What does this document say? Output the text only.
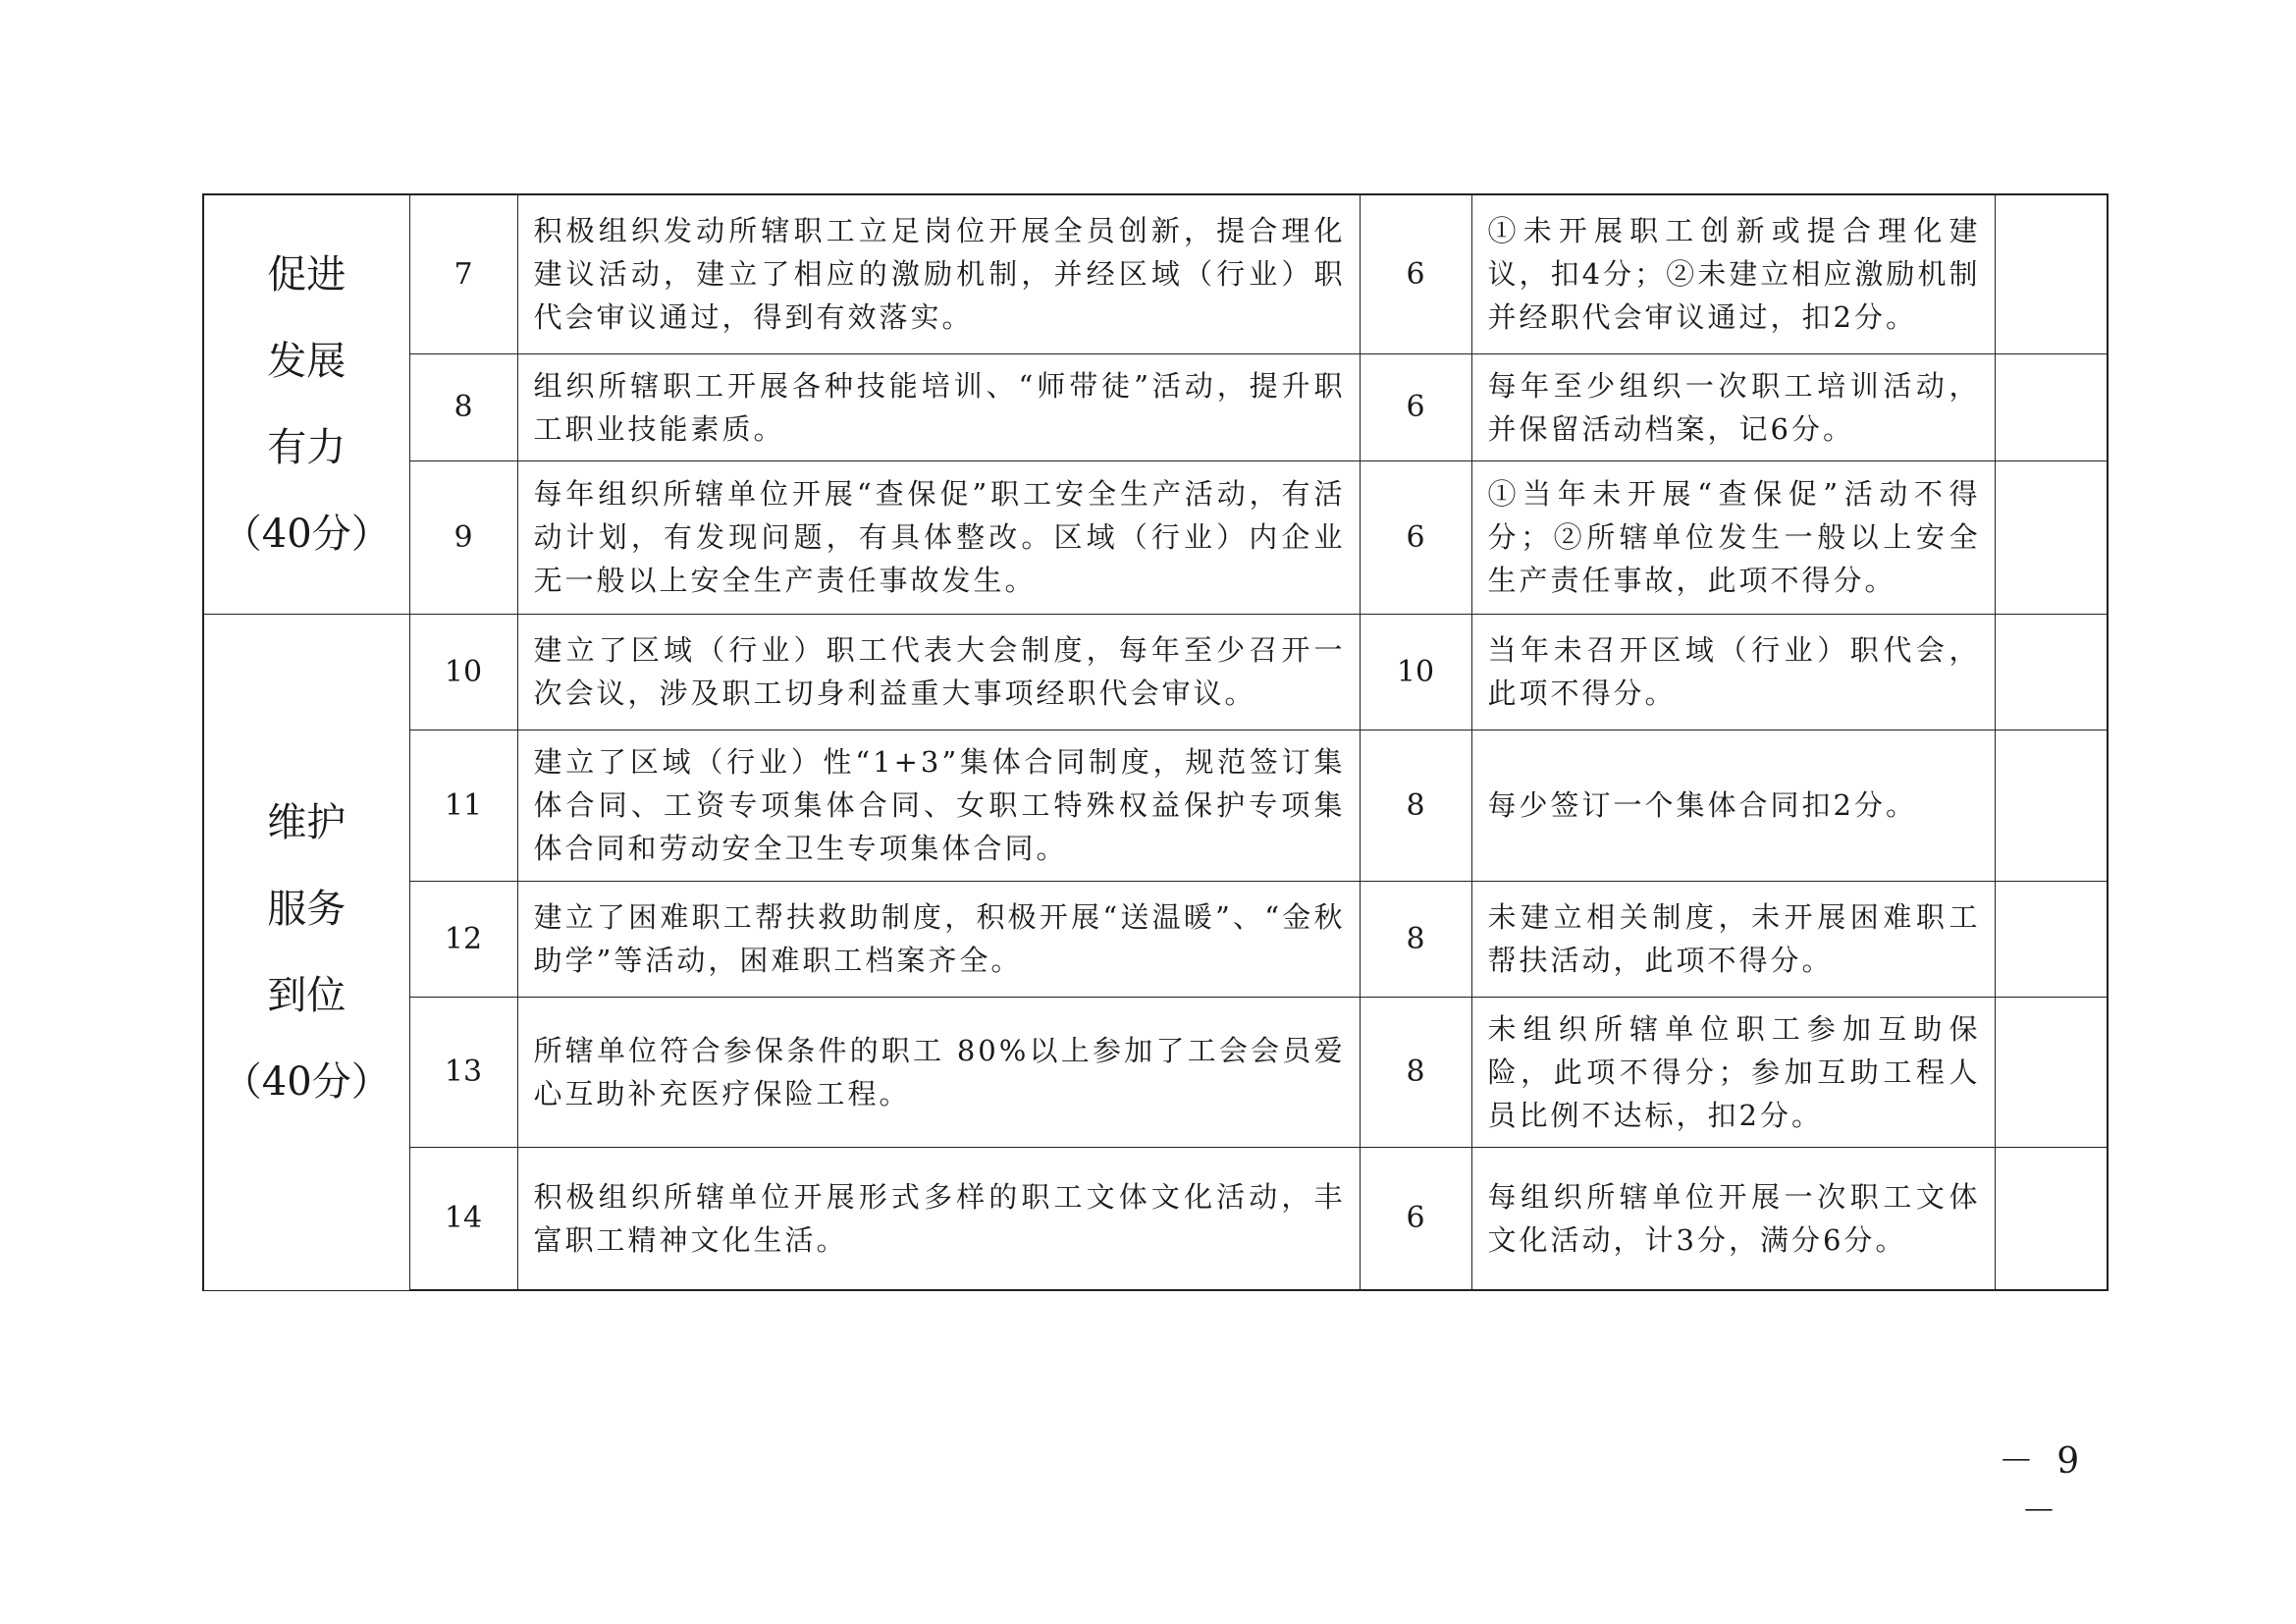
促进
发展
有力
（40分）	7	积极组织发动所辖职工立足岗位开展全员创新，提合理化建议活动，建立了相应的激励机制，并经区域（行业）职代会审议通过，得到有效落实。	6	①未开展职工创新或提合理化建议，扣4分；②未建立相应激励机制并经职代会审议通过，扣2分。	
	8	组织所辖职工开展各种技能培训、“师带徒”活动，提升职工职业技能素质。	6	每年至少组织一次职工培训活动，并保留活动档案，记6分。	
	9	每年组织所辖单位开展“查保促”职工安全生产活动，有活动计划，有发现问题，有具体整改。区域（行业）内企业无一般以上安全生产责任事故发生。	6	①当年未开展“查保促”活动不得分；②所辖单位发生一般以上安全生产责任事故，此项不得分。	

维护
服务
到位
（40分）	10	建立了区域（行业）职工代表大会制度，每年至少召开一次会议，涉及职工切身利益重大事项经职代会审议。	10	当年未召开区域（行业）职代会，此项不得分。	
	11	建立了区域（行业）性“1+3”集体合同制度，规范签订集体合同、工资专项集体合同、女职工特殊权益保护专项集体合同和劳动安全卫生专项集体合同。	8	每少签订一个集体合同扣2分。	
	12	建立了困难职工帮扶救助制度，积极开展“送温暖”、“金秋助学”等活动，困难职工档案齐全。	8	未建立相关制度，未开展困难职工帮扶活动，此项不得分。	
	13	所辖单位符合参保条件的职工 80%以上参加了工会会员爱心互助补充医疗保险工程。	8	未组织所辖单位职工参加互助保险，此项不得分；参加互助工程人员比例不达标，扣2分。	
	14	积极组织所辖单位开展形式多样的职工文体文化活动，丰富职工精神文化生活。	6	每组织所辖单位开展一次职工文体文化活动，计3分，满分6分。	
－ 9 －
